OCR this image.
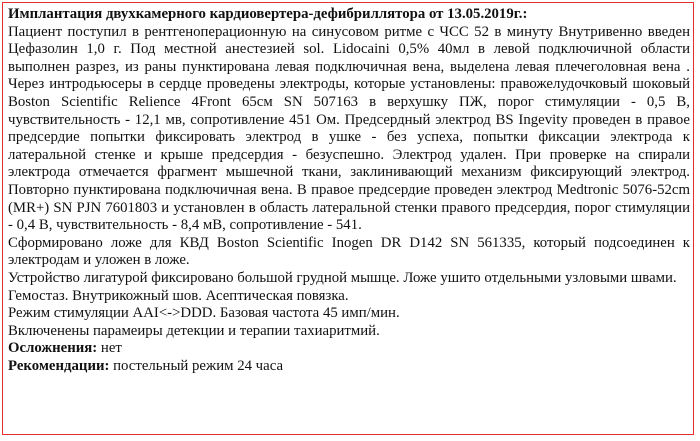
Имплантация двухкамерного кардиовертера-дефибриллятора от 13.05.2019г.:

Пациент поступил в рентгеноперационную на синусовом ритме с ЧСС 52 в минуту Внутривенно введен Цефазолин 1,0 г. Под местной анестезией sol. Lidocaini 0,5% 40мл в левой подключичной области выполнен разрез, из раны пунктирована левая подключичная вена, выделена левая плечеголовная вена . Через интродьюсеры в сердце проведены электроды, которые установлены: правожелудочковый шоковый Boston Scientific Relience 4Front 65см SN 507163 в верхушку ПЖ, порог стимуляции - 0,5 В, чувствительность - 12,1 мв, сопротивление 451 Ом. Предсердный электрод BS Ingevity проведен в правое предсердие попытки фиксировать электрод в ушке - без успеха, попытки фиксации электрода к латеральной стенке и крыше предсердия - безуспешно. Электрод удален. При проверке на спирали электрода отмечается фрагмент мышечной ткани, заклинивающий механизм фиксирующий электрод. Повторно пунктирована подключичная вена. В правое предсердие проведен электрод Medtronic 5076-52cm (MR+) SN PJN 7601803 и установлен в область латеральной стенки правого предсердия, порог стимуляции - 0,4 В, чувствительность - 8,4 мВ, сопротивление - 541.

Сформировано ложе для КВД Boston Scientific Inogen DR D142 SN 561335, который подсоединен к электродам и уложен в ложе.

Устройство лигатурой фиксировано большой грудной мышце. Ложе ушито отдельными узловыми швами.

Гемостаз. Внутрикожный шов. Асептическая повязка.

Режим стимуляции AAI<->DDD. Базовая частота 45 имп/мин.

Включенены парамеиры детекции и терапии тахиаритмий.

Осложнения: нет

Рекомендации: постельный режим 24 часа
